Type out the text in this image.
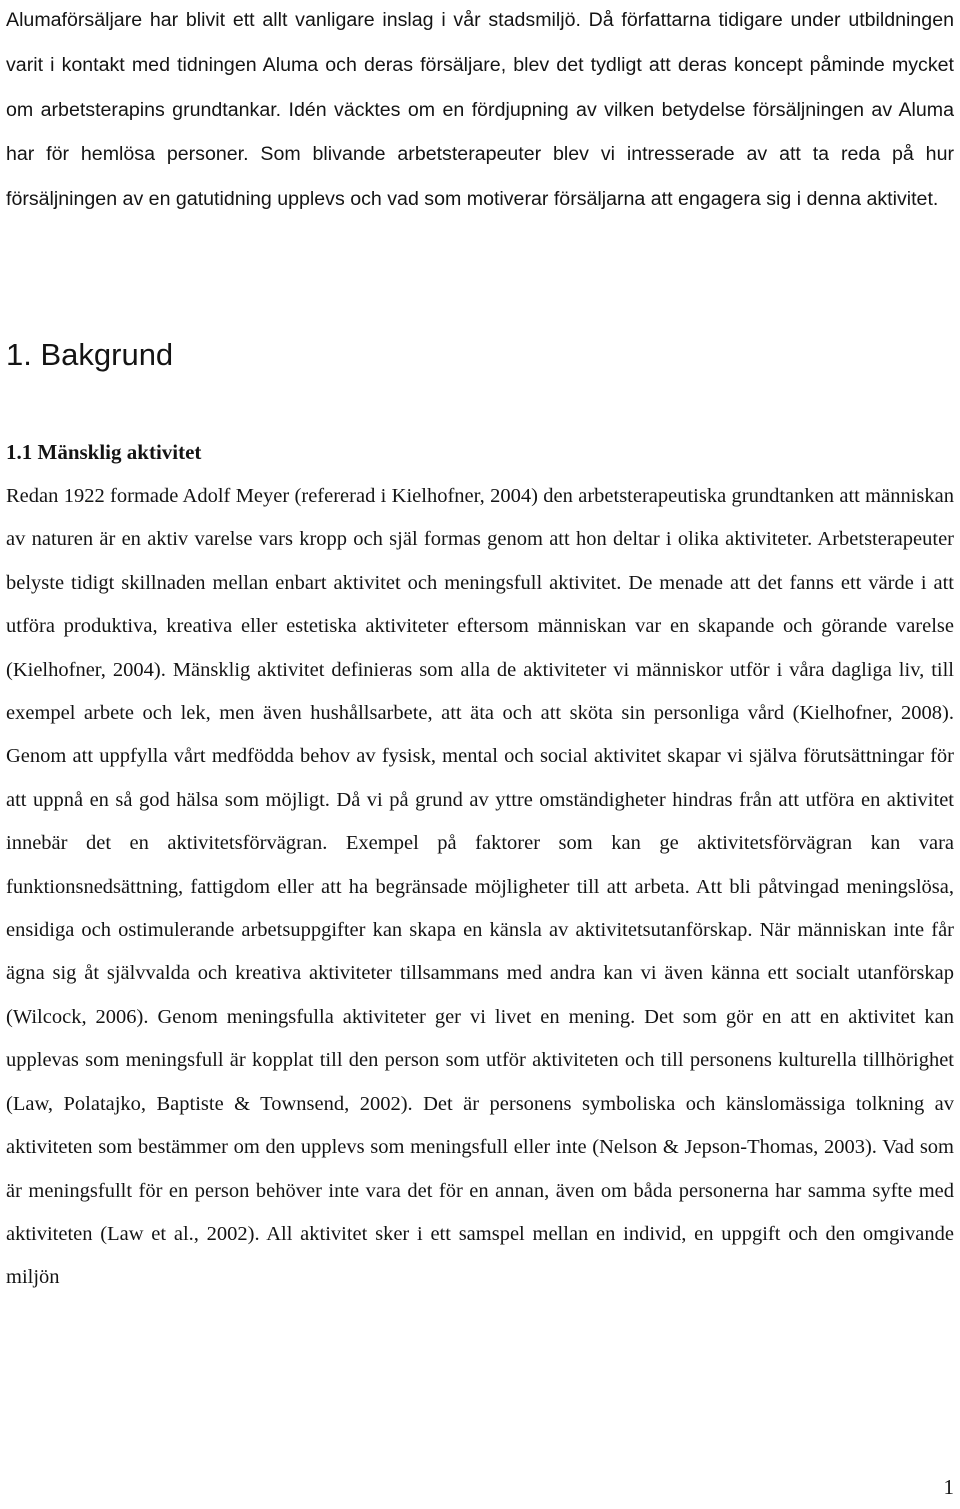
Alumaförsäljare har blivit ett allt vanligare inslag i vår stadsmiljö. Då författarna tidigare under utbildningen varit i kontakt med tidningen Aluma och deras försäljare, blev det tydligt att deras koncept påminde mycket om arbetsterapins grundtankar. Idén väcktes om en fördjupning av vilken betydelse försäljningen av Aluma har för hemlösa personer. Som blivande arbetsterapeuter blev vi intresserade av att ta reda på hur försäljningen av en gatutidning upplevs och vad som motiverar försäljarna att engagera sig i denna aktivitet.

1. Bakgrund
1.1 Mänsklig aktivitet

Redan 1922 formade Adolf Meyer (refererad i Kielhofner, 2004) den arbetsterapeutiska grundtanken att människan av naturen är en aktiv varelse vars kropp och själ formas genom att hon deltar i olika aktiviteter. Arbetsterapeuter belyste tidigt skillnaden mellan enbart aktivitet och meningsfull aktivitet. De menade att det fanns ett värde i att utföra produktiva, kreativa eller estetiska aktiviteter eftersom människan var en skapande och görande varelse (Kielhofner, 2004). Mänsklig aktivitet definieras som alla de aktiviteter vi människor utför i våra dagliga liv, till exempel arbete och lek, men även hushållsarbete, att äta och att sköta sin personliga vård (Kielhofner, 2008). Genom att uppfylla vårt medfödda behov av fysisk, mental och social aktivitet skapar vi själva förutsättningar för att uppnå en så god hälsa som möjligt. Då vi på grund av yttre omständigheter hindras från att utföra en aktivitet innebär det en aktivitetsförvägran. Exempel på faktorer som kan ge aktivitetsförvägran kan vara funktionsnedsättning, fattigdom eller att ha begränsade möjligheter till att arbeta. Att bli påtvingad meningslösa, ensidiga och ostimulerande arbetsuppgifter kan skapa en känsla av aktivitetsutanförskap. När människan inte får ägna sig åt självvalda och kreativa aktiviteter tillsammans med andra kan vi även känna ett socialt utanförskap (Wilcock, 2006). Genom meningsfulla aktiviteter ger vi livet en mening. Det som gör en att en aktivitet kan upplevas som meningsfull är kopplat till den person som utför aktiviteten och till personens kulturella tillhörighet (Law, Polatajko, Baptiste & Townsend, 2002). Det är personens symboliska och känslomässiga tolkning av aktiviteten som bestämmer om den upplevs som meningsfull eller inte (Nelson & Jepson-Thomas, 2003). Vad som är meningsfullt för en person behöver inte vara det för en annan, även om båda personerna har samma syfte med aktiviteten (Law et al., 2002). All aktivitet sker i ett samspel mellan en individ, en uppgift och den omgivande miljön

1
